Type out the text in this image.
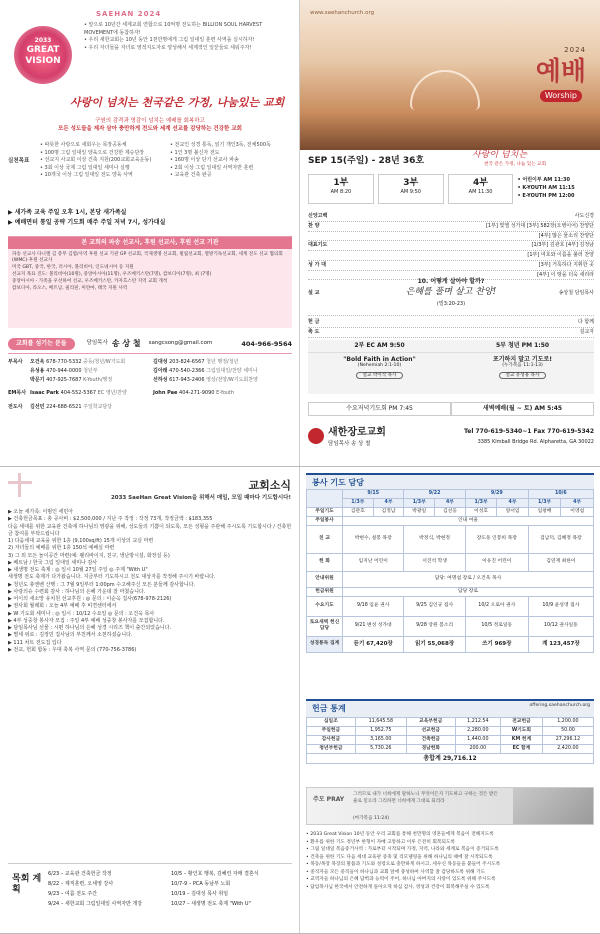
SAEHAN 2024
2033
GREAT
VISION
• 앞으로 10년간 세계교회 연합으로 10억명 전도하는 BILLION SOUL HARVEST MOVEMENT에 동참하자!
• 우리 새한교회는 10년 동안 1천만명에게 그림 일대일 훈련 사역을 실시하자!
• 우리 자녀들을 자녀로 영적지도자로 양성해서 세계적인 일꾼들로 세워주자!
사랑이 넘치는 천국같은 가정, 나눔있는 교회
구원의 감격과 영감이 넘치는 예배를 회복하고
모든 성도들을 제자 삼아 충만하게 전도와 세계 선교를 감당하는 건강한 교회
실천목표
• 따뜻한 사랑으로 새회우는 목장공동체
• 100명 그림 일대일 양육으로 건강한 제승단장
• 선교지 사교회 이상 건축 지원(200교회교육운동)
• 3회 이상 국제 그림 일대일 세미나 실행
• 10개국 이상 그림 일대일 전도 양육 사역
• 전교인 성경 통독, 읽기 개인3독, 전체500독
• 1인 3명 불신자 전도
• 160명 이상 단기 선교사 파송
• 2회 이상 그림 일대일 사역자반 훈련
• 교육관 건축 완공
▶ 새가족 교육 주일 오후 1시, 본당 새가족실
▶ 예배면터 통일 공략 기도회 매주 주일 저녁 7시, 성가대실
본 교회의 파송 선교사, 후원 선교사, 후원 선교 기관
파송 선교사 다니엘 김 총무 김엽/사역 후원 선교 기관 GP 선교회, 국제생명 선교회, 빌립선교회, 열방기독선교회, 세계 전도 선교 협의회(WMC)·후원 선교사
미국 GBT, 중국, 한국, 러시아, 볼리비아, 인도네시아 등 지원
선교지 목표 진도: 볼리비아(10명), 중앙아시아(11명), 우즈베키스탄(7명), 캄보디아(7명), 최 (7명)
중앙아시아 - 가족을 우선하여 선교, 우즈베키스탄, 카자흐스탄 지역 교회 개척
캄보디아, 라오스, 베트남, 필리핀, 미얀마, 태국 지원 사역
교회를 섬기는 분들	담임목사 송 상 철 sangcsong@gmail.com	404-966-9564
부목사 오건욱 678-770-5332 중등/청년/W기도회	김대성 203-824-6567 청년 행정/청년
유성용 470-944-0000 청년부	김아래 470-540-2366 그림일대일/찬양 세미나
박문기 407-925-7687 K-Youth/행정	선하성 617-943-2406 영상/전양/W기도회찬양
EM목사 Isaac Park 404-552-5367 EC 영년/찬양	John Pae 404-271-9090 E-Youth
전도사 김선민 224-688-6521 주일학교담당
www.saehanchurch.org
2024
예배
Worship
SEP 15(주일) - 28년 36호
사랑이 넘치는
천국 같은 가정, 나눔 있는 교회
1부
AM 8:20
3부
AM 9:50
4부
AM 11:30
• 어린이부 AM 11:30
• K-YOUTH AM 11:15
• E-YOUTH PM 12:00
신앙고백	사도신경
찬 양	[1부] 빛엘 성가대 [3부] 582장(오병이어) 찬양단
[4부] 많은 물소리 찬양단
대표기도	[1/3부] 김관호 [4부] 김정남
[1부] 여호와 이름을 불러 찬양
성 가 대	[3부] 거룩하다 지휘한 곳
[4부] 이 땅을 더욱 새리라
설 교
10. 어떻게 살아야 할까?
은혜를 풀며 살고 찬양!
(빌3:20-23)
송상철 담임목사
헌 금	다 함께
축 도	설교자
2부 EC AM 9:50	5부 청년 PM 1:50
"Bold Faith in Action"
(Nehemiah 2:1-10)
설교 박이삭 목사
포기하지 말고 기도로!
(누가복음 11:1-13)
설교 유성용 목사
수요저녁기도회 PM 7:45	새벽예배(월 ~ 토) AM 5:45
새한장로교회
담임목사 송 상 철
Tel 770-619-5340~1 Fax 770-619-5342
3385 Kimball Bridge Rd. Alpharetta, GA 30022
교회소식
2033 SaeHan Great Vision을 위해서 매일, 모일 때마다 기도합시다!
▶ 오늘 새가족: 이범인 세민아
▶ 건축헌금목표 : 총 공사비 : $2,500,000 / 지난 주 작정 : 작정 73개, 작정금액 : $183,355
다음 세대를 위한 교육관 건축에 하나님의 영광을 위해, 성도들의 기쁨이 되도록, 모든 성형을 주관해 주시도록 기도합시다 / 건축헌금 참여를 부탁드립니다
1) 다음세대 교육을 위한 1층 (9,100sq/ft) 15개 이상의 교실 마련
2) 자녀들의 예배를 위한 1층 150석 예배실 마련
3) 그 외 모든 놀이공간 마련(예: 웰리바이지, 친구, 냉난방시설, 화장실 등)
▶ 베트남 / 한국 그림 일대일 세미나 감사
▶ 새생명 전도 축제 : ◎ 일시 10월 27일 주일 ◎ 주제 "With U"
새생명 전도 축제가 다가왔습니다. 지금부터 기도하시고 전도 대상자를 작정해 주시기 바랍니다.
▶ 청년도 총엔벤 산행 : 그 7월 9일부터 1:00pm 수고해주신 모든 분들께 감사합니다.
▶ 사랑의슈 수련회 감사 : 하나님의 은혜 가운데 잘 마쳤습니다.
▶ 어이의 새소망 유치원 선교후원 : ◎ 문의 : 이순옥 집사(678-978-2126)
▶ 권사회 월례회 : 오늘 4부 예배 후 비젼센터에서
▶ W 기도회 세미나 : ◎ 일시 : 10/12 수요일 ◎ 문의 : 오건욱 목사
▶ 4부 성중창 봉사자 모집 : 주일 4부 예배 성중창 봉사자를 모집합니다.
▶ 담임목사님 선물 : 시편 하나님의 은혜 성경 시리즈 책이 출간되었습니다.
▶ 별세 위로 : 김정민 집사님의 부친께서 소천하셨습니다.
▶ 111 차트 전도집 입다
▶ 전교, 헌회 합동 : 우대 축복 사역 문의 (770-756-3786)
목회 계획
6/23 – 교육관 건축헌금 작정	10/5 – 황인호 행복, 김혜린 자매 결혼식
8/22 – 제직훈련, 오세영 강사	10/7-9 – PCA 동남부 노회
9/23 – 여름 전도 주간	10/19 – 김대성 목사 취임
9/24 – 새한교회 그림일대일 사역자반 개강	10/27 – 새생명 전도 축제 "With U"
봉사 기도 담당
	9/15		9/22		9/29		10/6	
	1/3부	4부	1/3부	4부	1/3부	4부	1/3부	4부
주일기도	김관호	김정남	박광일	김선웅	이성호	양서임	임창배	이영섭
주일봉사	인내 여울							
친 교	박현수, 설봉 목장		박정식, 박현정		장도동 인봉희 목장		검남덕, 김혜정 목장	
헌 화	임지난 어린이		서진석 학생		이유진 어린이		김연재 최한이	
안내위원	담당: 여명섭 장로 / 오건욱 목사							
헌금위원	담당 장로							
수요기도	9/18 임윤 권사		9/25 김인규 집사		10/2 오로아 권사		10/9 윤성영 집사	
토요새벽 헌신담당	9/21 변성 성가대		9/28 앙원 봄소리		10/5 정로일동		10/12 권사일동	
성경통독 집계	듣기 67,420장		읽기 55,068장		쓰기 969장		계 123,457장	
헌금 통계	offering.saehanchurch.org
십일조	11,645.58	교육부헌금	1,212.54	전교헌금	1,200.00
주일헌금	1,952.75	선교헌금	2,280.00	W기도회	50.00
감사헌금	3,165.00	건축헌금	1,440.00	KM 헌계	27,296.12
청년부헌금	5,730.26	경남헌화	200.00	EC 합계	2,420.00
총합계 29,716.12					
주모 PRAY
그러므로 내가 너희에게 말하노니 무엇이든지 기도하고 구하는 것은 받은 줄로 믿으라 그리하면 너희에게 그대로 되리라
(마가복음 11:24)
• 2033 Great Vision 10년 동안 우리 교회를 통해 천만명의 영혼들에게 복음이 전해지도록
• 환우를 위한 기도 정년부 한형이 자매 고통하고 이루 은전히 회복되도록
• 그림 일대일 복음증거사역 : 가로부터 시작되며 가정, 지역, 나라와 세계로 복음이 증거되도록
• 건축을 위한 기도 다음 세대 교육관 증축 및 리모델링을 위해 하나님의 때에 잘 시작되도록
• 목동/목장 목장의 말씀과 기도와 성령으로 충만하게 하시고, 세우신 목동들을 붙들어 주시도록
• 중직자들 모든 중직들이 하나님과 교회 앞에 충성하여 사역할 잘 감당하도록 위해 기도
• 교역자들 하나님의 은혜 담벽과 능력이 주어, 하나님 아버지의 사랑이 있도록 위해 주시도록
• 담임목사님 한국에서 안전하게 돌아오게 하심 감사, 영성과 건강이 회복해주실 수 있도록
